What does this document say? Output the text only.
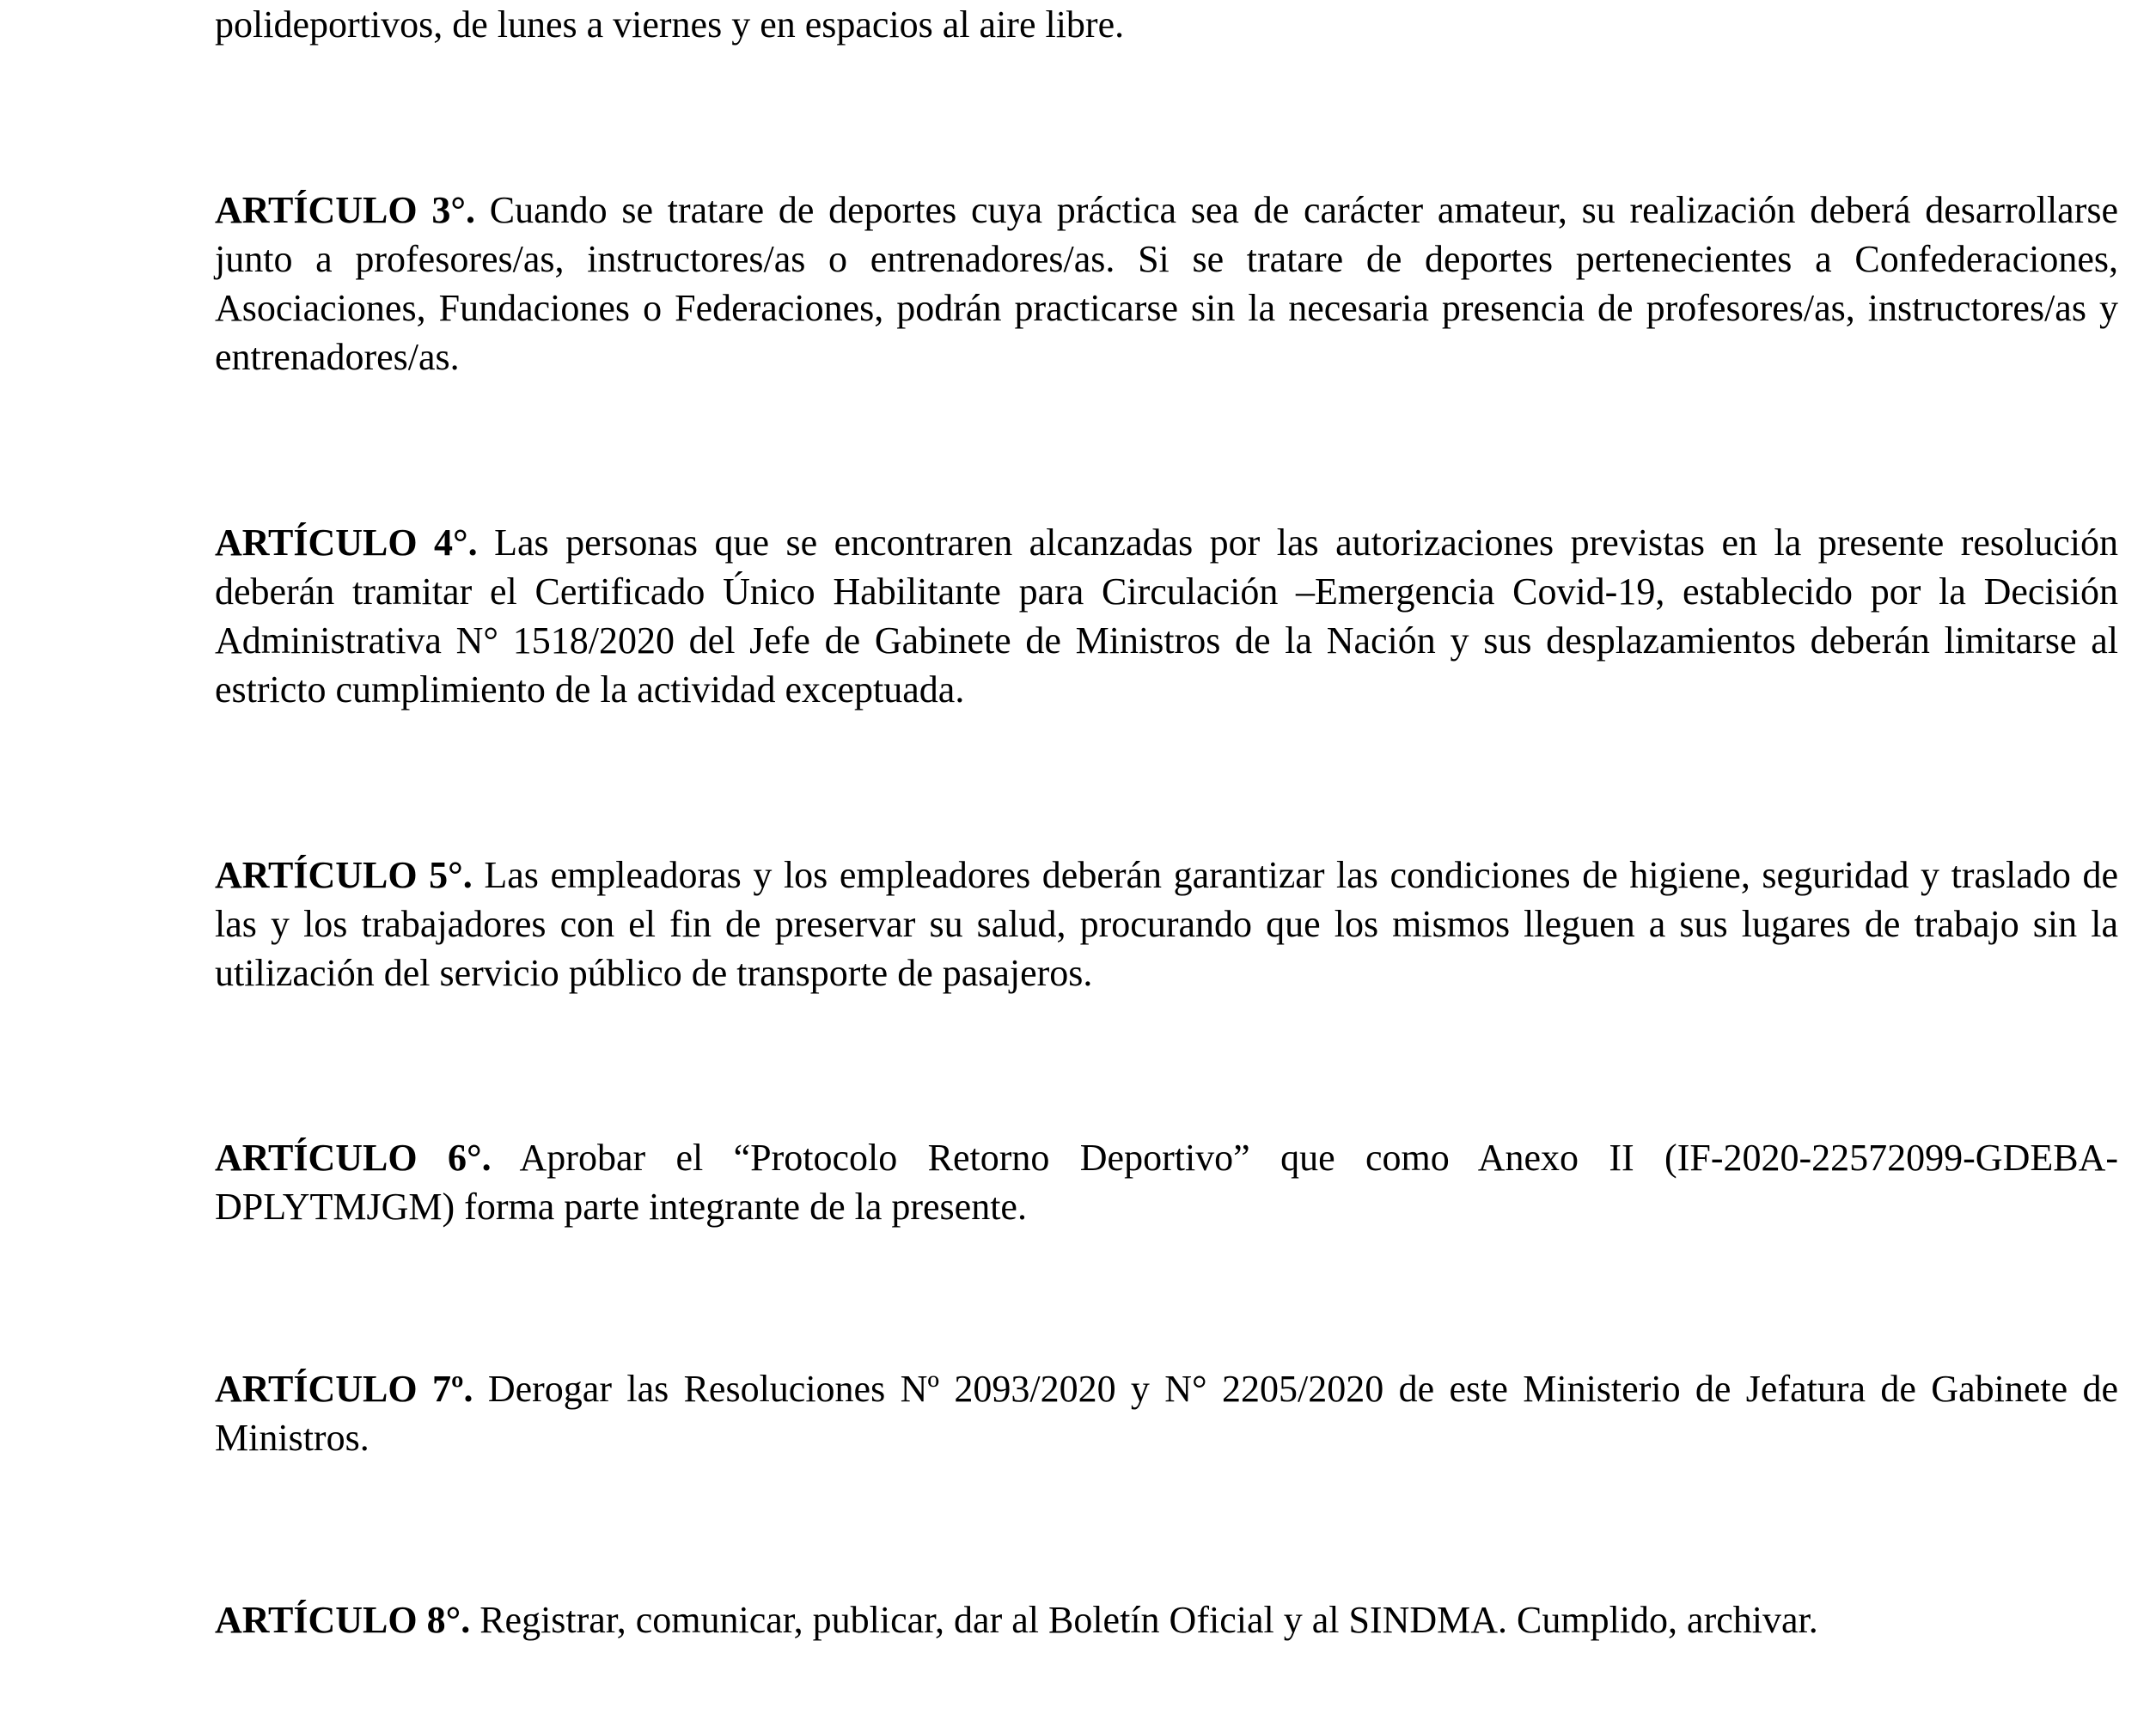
polideportivos, de lunes a viernes y en espacios al aire libre.

ARTÍCULO 3°. Cuando se tratare de deportes cuya práctica sea de carácter amateur, su realización deberá desarrollarse junto a profesores/as, instructores/as o entrenadores/as. Si se tratare de deportes pertenecientes a Confederaciones, Asociaciones, Fundaciones o Federaciones, podrán practicarse sin la necesaria presencia de profesores/as, instructores/as y entrenadores/as.

ARTÍCULO 4°. Las personas que se encontraren alcanzadas por las autorizaciones previstas en la presente resolución deberán tramitar el Certificado Único Habilitante para Circulación –Emergencia Covid-19, establecido por la Decisión Administrativa N° 1518/2020 del Jefe de Gabinete de Ministros de la Nación y sus desplazamientos deberán limitarse al estricto cumplimiento de la actividad exceptuada.

ARTÍCULO 5°. Las empleadoras y los empleadores deberán garantizar las condiciones de higiene, seguridad y traslado de las y los trabajadores con el fin de preservar su salud, procurando que los mismos lleguen a sus lugares de trabajo sin la utilización del servicio público de transporte de pasajeros.

ARTÍCULO 6°. Aprobar el “Protocolo Retorno Deportivo” que como Anexo II (IF-2020-22572099-GDEBA-DPLYTMJGM) forma parte integrante de la presente.

ARTÍCULO 7º. Derogar las Resoluciones Nº 2093/2020 y N° 2205/2020 de este Ministerio de Jefatura de Gabinete de Ministros.

ARTÍCULO 8°. Registrar, comunicar, publicar, dar al Boletín Oficial y al SINDMA. Cumplido, archivar.
